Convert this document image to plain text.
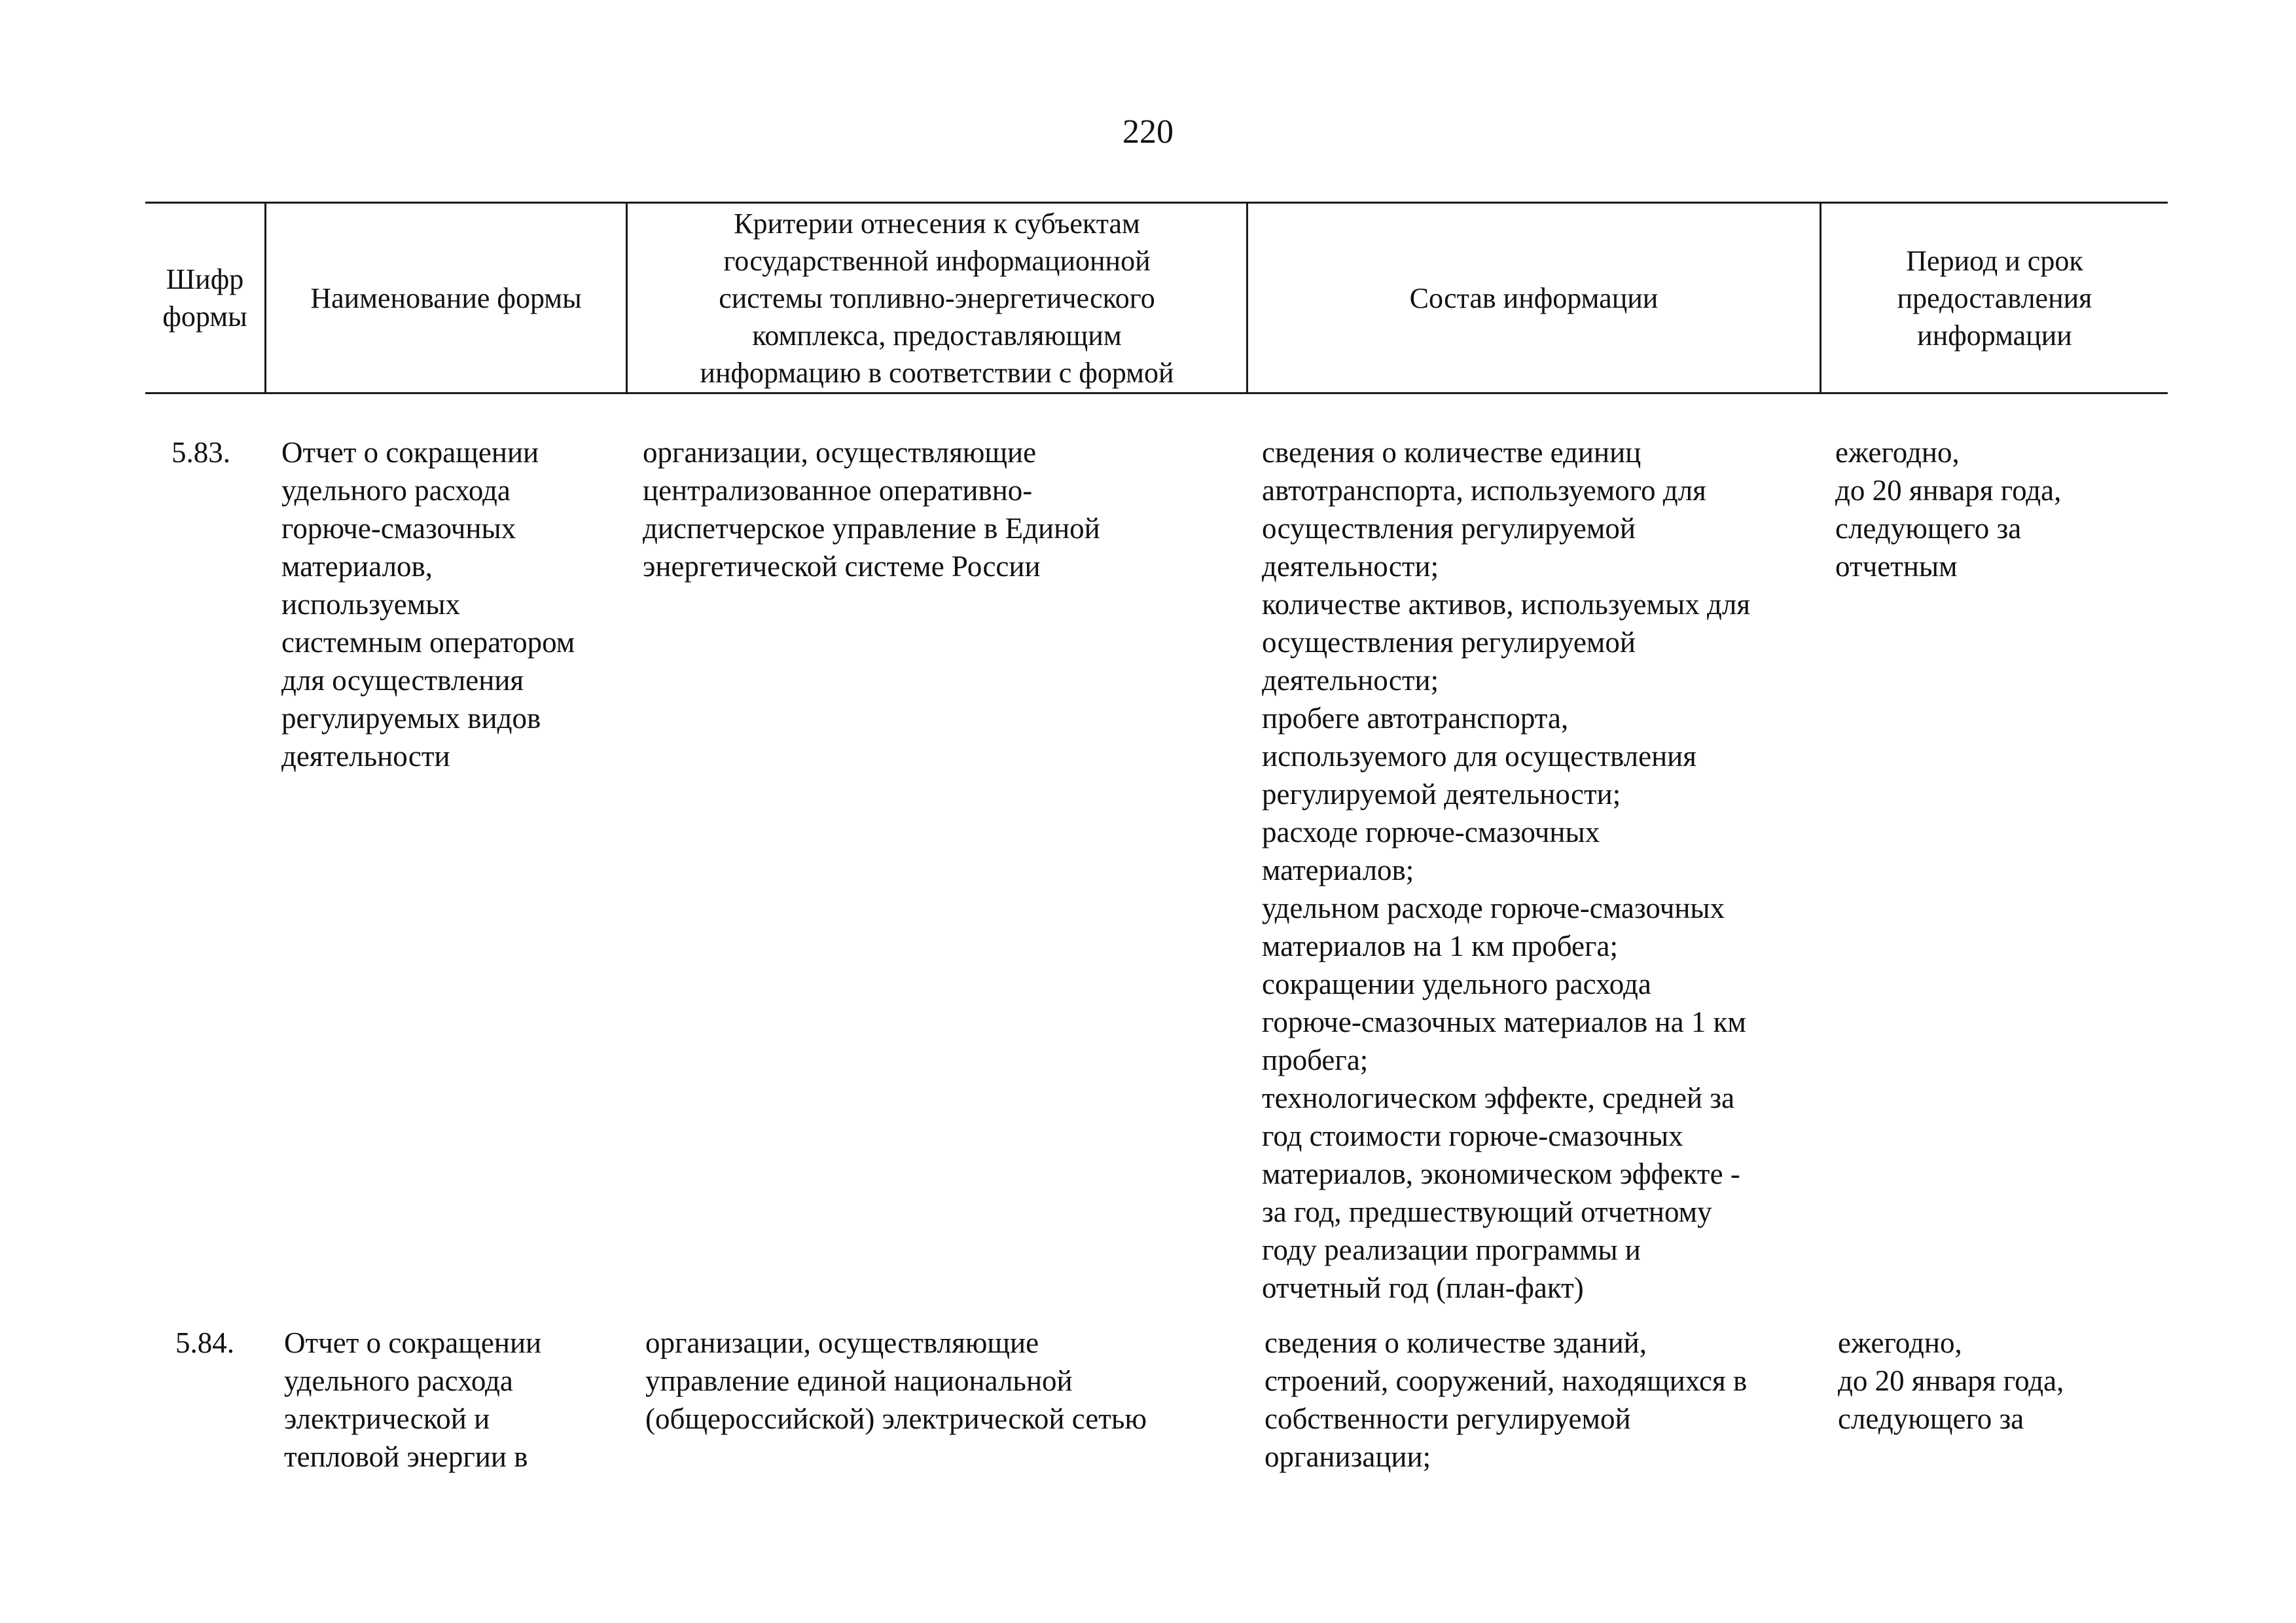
220
Шифр
формы
Наименование формы
Критерии отнесения к субъектам
государственной информационной
системы топливно-энергетического
комплекса, предоставляющим
информацию в соответствии с формой
Состав информации
Период и срок
предоставления
информации
5.83. Отчет о сокращении
удельного расхода
горюче-смазочных
материалов,
используемых
системным оператором
для осуществления
регулируемых видов
деятельности
организации, осуществляющие
централизованное оперативно-
диспетчерское управление в Единой
энергетической системе России
сведения о количестве единиц
автотранспорта, используемого для
осуществления регулируемой
деятельности;
количестве активов, используемых для
осуществления регулируемой
деятельности;
пробеге автотранспорта,
используемого для осуществления
регулируемой деятельности;
расходе горюче-смазочных
материалов;
удельном расходе горюче-смазочных
материалов на 1 км пробега;
сокращении удельного расхода
горюче-смазочных материалов на 1 км
пробега;
технологическом эффекте, средней за
год стоимости горюче-смазочных
материалов, экономическом эффекте -
за год, предшествующий отчетному
году реализации программы и
отчетный год (план-факт)
ежегодно,
до 20 января года,
следующего за
отчетным
5.84. Отчет о сокращении
удельного расхода
электрической и
тепловой энергии в
организации, осуществляющие
управление единой национальной
(общероссийской) электрической сетью
сведения о количестве зданий,
строений, сооружений, находящихся в
собственности регулируемой
организации;
ежегодно,
до 20 января года,
следующего за
